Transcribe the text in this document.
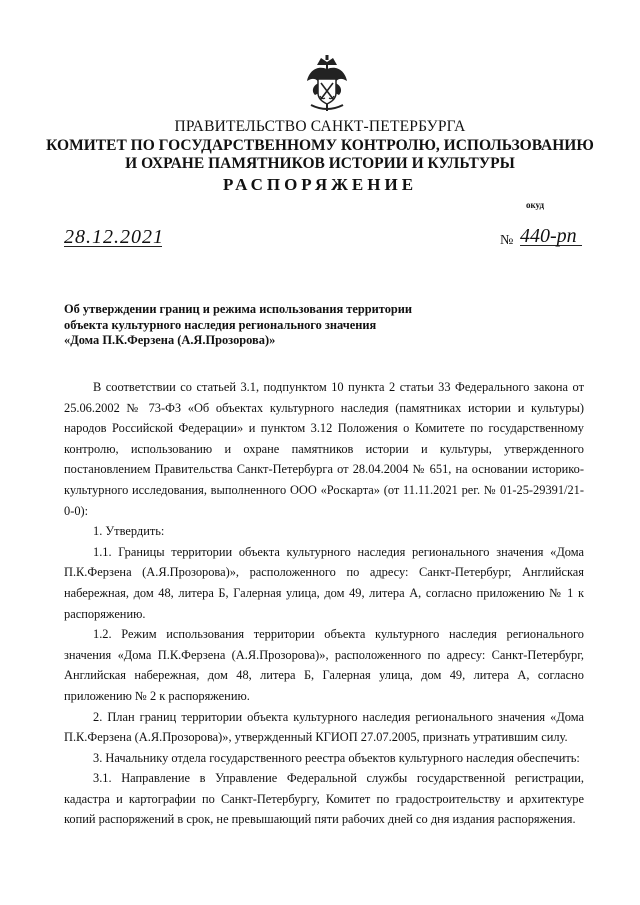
ПРАВИТЕЛЬСТВО САНКТ-ПЕТЕРБУРГА
КОМИТЕТ ПО ГОСУДАРСТВЕННОМУ КОНТРОЛЮ, ИСПОЛЬЗОВАНИЮ
И ОХРАНЕ ПАМЯТНИКОВ ИСТОРИИ И КУЛЬТУРЫ
РАСПОРЯЖЕНИЕ
окуд
28.12.2021	№ 440-рп
Об утверждении границ и режима использования территории
объекта культурного наследия регионального значения
«Дома П.К.Ферзена (А.Я.Прозорова)»

В соответствии со статьей 3.1, подпунктом 10 пункта 2 статьи 33 Федерального закона от 25.06.2002 № 73-ФЗ «Об объектах культурного наследия (памятниках истории и культуры) народов Российской Федерации» и пунктом 3.12 Положения о Комитете по государственному контролю, использованию и охране памятников истории и культуры, утвержденного постановлением Правительства Санкт-Петербурга от 28.04.2004 № 651, на основании историко-культурного исследования, выполненного ООО «Роскарта» (от 11.11.2021 рег. № 01-25-29391/21-0-0):

1. Утвердить:

1.1. Границы территории объекта культурного наследия регионального значения «Дома П.К.Ферзена (А.Я.Прозорова)», расположенного по адресу: Санкт-Петербург, Английская набережная, дом 48, литера Б, Галерная улица, дом 49, литера А, согласно приложению № 1 к распоряжению.

1.2. Режим использования территории объекта культурного наследия регионального значения «Дома П.К.Ферзена (А.Я.Прозорова)», расположенного по адресу: Санкт-Петербург, Английская набережная, дом 48, литера Б, Галерная улица, дом 49, литера А, согласно приложению № 2 к распоряжению.

2. План границ территории объекта культурного наследия регионального значения «Дома П.К.Ферзена (А.Я.Прозорова)», утвержденный КГИОП 27.07.2005, признать утратившим силу.

3. Начальнику отдела государственного реестра объектов культурного наследия обеспечить:

3.1. Направление в Управление Федеральной службы государственной регистрации, кадастра и картографии по Санкт-Петербургу, Комитет по градостроительству и архитектуре копий распоряжений в срок, не превышающий пяти рабочих дней со дня издания распоряжения.
